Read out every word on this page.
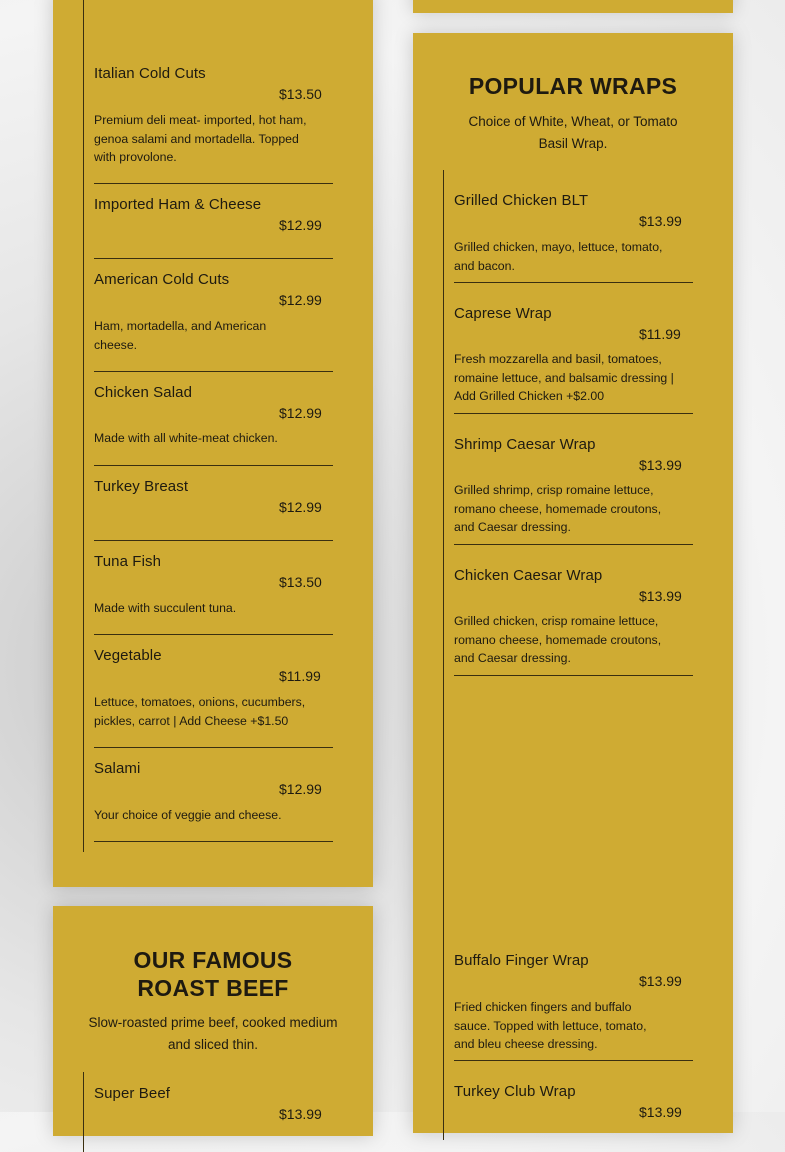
Italian Cold Cuts
$13.50
Premium deli meat- imported, hot ham, genoa salami and mortadella. Topped with provolone.
Imported Ham & Cheese
$12.99
American Cold Cuts
$12.99
Ham, mortadella, and American cheese.
Chicken Salad
$12.99
Made with all white-meat chicken.
Turkey Breast
$12.99
Tuna Fish
$13.50
Made with succulent tuna.
Vegetable
$11.99
Lettuce, tomatoes, onions, cucumbers, pickles, carrot | Add Cheese +$1.50
Salami
$12.99
Your choice of veggie and cheese.
OUR FAMOUS ROAST BEEF
Slow-roasted prime beef, cooked medium and sliced thin.
Super Beef
$13.99
POPULAR WRAPS
Choice of White, Wheat, or Tomato Basil Wrap.
Grilled Chicken BLT
$13.99
Grilled chicken, mayo, lettuce, tomato, and bacon.
Caprese Wrap
$11.99
Fresh mozzarella and basil, tomatoes, romaine lettuce, and balsamic dressing | Add Grilled Chicken +$2.00
Shrimp Caesar Wrap
$13.99
Grilled shrimp, crisp romaine lettuce, romano cheese, homemade croutons, and Caesar dressing.
Chicken Caesar Wrap
$13.99
Grilled chicken, crisp romaine lettuce, romano cheese, homemade croutons, and Caesar dressing.
Buffalo Finger Wrap
$13.99
Fried chicken fingers and buffalo sauce. Topped with lettuce, tomato, and bleu cheese dressing.
Turkey Club Wrap
$13.99
